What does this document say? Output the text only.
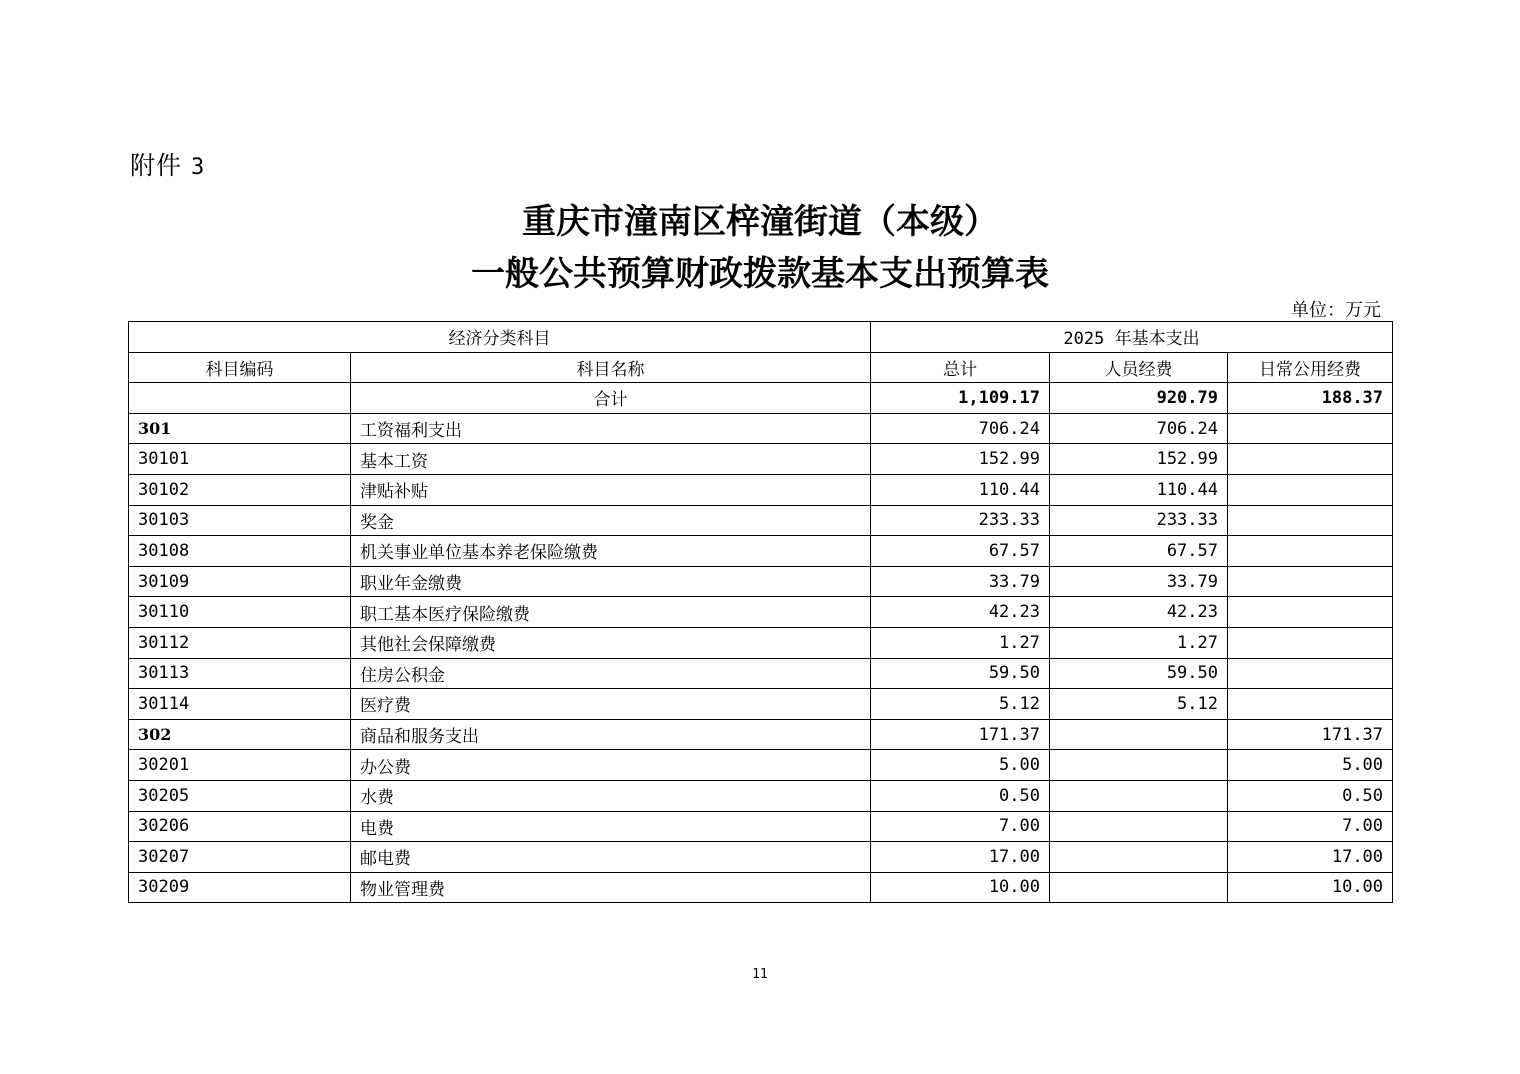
附件 3
重庆市潼南区梓潼街道（本级）
一般公共预算财政拨款基本支出预算表
单位：万元
经济分类科目		2025 年基本支出		
科目编码	科目名称	总计	人员经费	日常公用经费
	合计	1,109.17	920.79	188.37
301	工资福利支出	706.24	706.24	
30101	基本工资	152.99	152.99	
30102	津贴补贴	110.44	110.44	
30103	奖金	233.33	233.33	
30108	机关事业单位基本养老保险缴费	67.57	67.57	
30109	职业年金缴费	33.79	33.79	
30110	职工基本医疗保险缴费	42.23	42.23	
30112	其他社会保障缴费	1.27	1.27	
30113	住房公积金	59.50	59.50	
30114	医疗费	5.12	5.12	
302	商品和服务支出	171.37		171.37
30201	办公费	5.00		5.00
30205	水费	0.50		0.50
30206	电费	7.00		7.00
30207	邮电费	17.00		17.00
30209	物业管理费	10.00		10.00
11
